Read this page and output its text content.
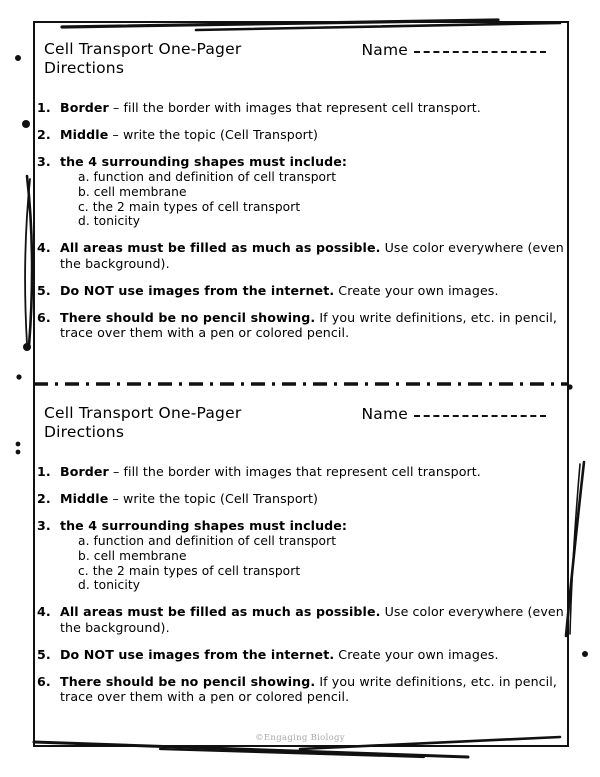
Cell Transport One-Pager
Directions
Name
1. Border – fill the border with images that represent cell transport.
2. Middle – write the topic (Cell Transport)
3. the 4 surrounding shapes must include:
a. function and definition of cell transport
b. cell membrane
c. the 2 main types of cell transport
d. tonicity
4. All areas must be filled as much as possible. Use color everywhere (even the background).
5. Do NOT use images from the internet. Create your own images.
6. There should be no pencil showing. If you write definitions, etc. in pencil, trace over them with a pen or colored pencil.
Cell Transport One-Pager
Directions
Name
1. Border – fill the border with images that represent cell transport.
2. Middle – write the topic (Cell Transport)
3. the 4 surrounding shapes must include:
a. function and definition of cell transport
b. cell membrane
c. the 2 main types of cell transport
d. tonicity
4. All areas must be filled as much as possible. Use color everywhere (even the background).
5. Do NOT use images from the internet. Create your own images.
6. There should be no pencil showing. If you write definitions, etc. in pencil, trace over them with a pen or colored pencil.
©Engaging Biology
